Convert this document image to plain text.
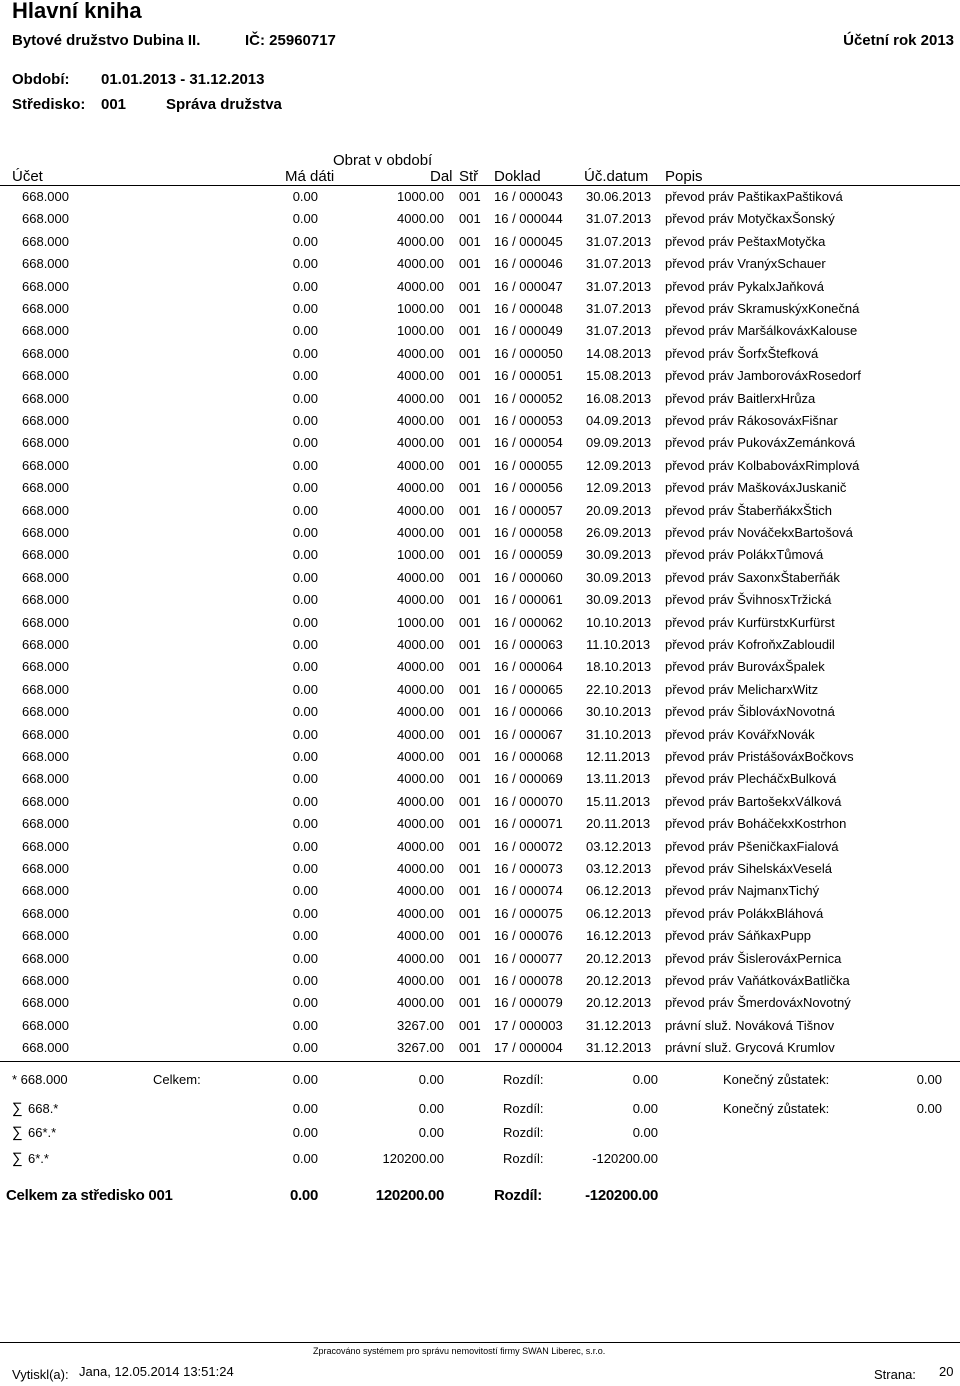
Hlavní kniha
Bytové družstvo Dubina II.	IČ: 25960717	Účetní rok 2013
Období: 01.01.2013 - 31.12.2013
Středisko: 001	Správa družstva
Obrat v období
Účet	Má dáti	Dal Stř Doklad	Úč.datum Popis
668.000	0.00	1000.00 001 16 / 000043 30.06.2013 převod práv PaštikaxPaštiková
668.000	0.00	4000.00 001 16 / 000044 31.07.2013 převod práv MotyčkaxŠonský
668.000	0.00	4000.00 001 16 / 000045 31.07.2013 převod práv PeštaxMotyčka
668.000	0.00	4000.00 001 16 / 000046 31.07.2013 převod práv VranýxSchauer
668.000	0.00	4000.00 001 16 / 000047 31.07.2013 převod práv PykalxJaňková
668.000	0.00	1000.00 001 16 / 000048 31.07.2013 převod práv SkramuskýxKonečná
668.000	0.00	1000.00 001 16 / 000049 31.07.2013 převod práv MaršálkováxKalouse
668.000	0.00	4000.00 001 16 / 000050 14.08.2013 převod práv ŠorfxŠtefková
668.000	0.00	4000.00 001 16 / 000051 15.08.2013 převod práv JamborováxRosedorf
668.000	0.00	4000.00 001 16 / 000052 16.08.2013 převod práv BaitlerxHrůza
668.000	0.00	4000.00 001 16 / 000053 04.09.2013 převod práv RákosováxFišnar
668.000	0.00	4000.00 001 16 / 000054 09.09.2013 převod práv PukováxZemánková
668.000	0.00	4000.00 001 16 / 000055 12.09.2013 převod práv KolbabováxRimplová
668.000	0.00	4000.00 001 16 / 000056 12.09.2013 převod práv MaškováxJuskanič
668.000	0.00	4000.00 001 16 / 000057 20.09.2013 převod práv ŠtaberňákxŠtich
668.000	0.00	4000.00 001 16 / 000058 26.09.2013 převod práv NováčekxBartošová
668.000	0.00	1000.00 001 16 / 000059 30.09.2013 převod práv PolákxTůmová
668.000	0.00	4000.00 001 16 / 000060 30.09.2013 převod práv SaxonxŠtaberňák
668.000	0.00	4000.00 001 16 / 000061 30.09.2013 převod práv ŠvihnosxTržická
668.000	0.00	1000.00 001 16 / 000062 10.10.2013 převod práv KurfürstxKurfürst
668.000	0.00	4000.00 001 16 / 000063 11.10.2013 převod práv KofroňxZabloudil
668.000	0.00	4000.00 001 16 / 000064 18.10.2013 převod práv BurováxŠpalek
668.000	0.00	4000.00 001 16 / 000065 22.10.2013 převod práv MelicharxWitz
668.000	0.00	4000.00 001 16 / 000066 30.10.2013 převod práv ŠiblováxNovotná
668.000	0.00	4000.00 001 16 / 000067 31.10.2013 převod práv KovářxNovák
668.000	0.00	4000.00 001 16 / 000068 12.11.2013 převod práv PristášováxBočkovs
668.000	0.00	4000.00 001 16 / 000069 13.11.2013 převod práv PlecháčxBulková
668.000	0.00	4000.00 001 16 / 000070 15.11.2013 převod práv BartošekxVálková
668.000	0.00	4000.00 001 16 / 000071 20.11.2013 převod práv BoháčekxKostrhon
668.000	0.00	4000.00 001 16 / 000072 03.12.2013 převod práv PšeničkaxFialová
668.000	0.00	4000.00 001 16 / 000073 03.12.2013 převod práv SihelskáxVeselá
668.000	0.00	4000.00 001 16 / 000074 06.12.2013 převod práv NajmanxTichý
668.000	0.00	4000.00 001 16 / 000075 06.12.2013 převod práv PolákxBláhová
668.000	0.00	4000.00 001 16 / 000076 16.12.2013 převod práv SáňkaxPupp
668.000	0.00	4000.00 001 16 / 000077 20.12.2013 převod práv ŠislerováxPernica
668.000	0.00	4000.00 001 16 / 000078 20.12.2013 převod práv VaňátkováxBatlička
668.000	0.00	4000.00 001 16 / 000079 20.12.2013 převod práv ŠmerdováxNovotný
668.000	0.00	3267.00 001 17 / 000003 31.12.2013 právní služ. Nováková Tišnov
668.000	0.00	3267.00 001 17 / 000004 31.12.2013 právní služ. Grycová Krumlov
* 668.000	Celkem:	0.00	0.00	Rozdíl:	0.00	Konečný zůstatek:	0.00
∑ 668.*	0.00	0.00	Rozdíl:	0.00	Konečný zůstatek:	0.00
∑ 66*.*	0.00	0.00	Rozdíl:	0.00
∑ 6*.*	0.00	120200.00	Rozdíl:	-120200.00
Celkem za středisko 001	0.00	120200.00	Rozdíl:	-120200.00
Zpracováno systémem pro správu nemovitostí firmy SWAN Liberec, s.r.o.
Vytiskl(a): Jana, 12.05.2014 13:51:24	Strana: 20
